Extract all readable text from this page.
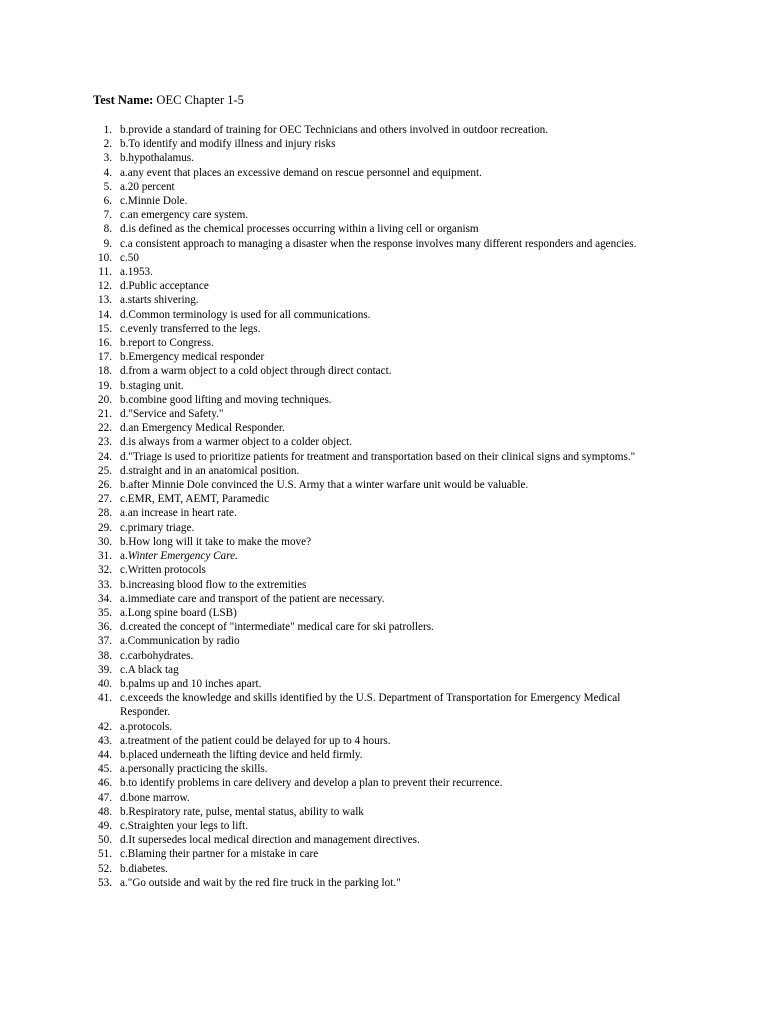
Test Name: OEC Chapter 1-5
1. b.provide a standard of training for OEC Technicians and others involved in outdoor recreation.
2. b.To identify and modify illness and injury risks
3. b.hypothalamus.
4. a.any event that places an excessive demand on rescue personnel and equipment.
5. a.20 percent
6. c.Minnie Dole.
7. c.an emergency care system.
8. d.is defined as the chemical processes occurring within a living cell or organism
9. c.a consistent approach to managing a disaster when the response involves many different responders and agencies.
10. c.50
11. a.1953.
12. d.Public acceptance
13. a.starts shivering.
14. d.Common terminology is used for all communications.
15. c.evenly transferred to the legs.
16. b.report to Congress.
17. b.Emergency medical responder
18. d.from a warm object to a cold object through direct contact.
19. b.staging unit.
20. b.combine good lifting and moving techniques.
21. d."Service and Safety."
22. d.an Emergency Medical Responder.
23. d.is always from a warmer object to a colder object.
24. d."Triage is used to prioritize patients for treatment and transportation based on their clinical signs and symptoms."
25. d.straight and in an anatomical position.
26. b.after Minnie Dole convinced the U.S. Army that a winter warfare unit would be valuable.
27. c.EMR, EMT, AEMT, Paramedic
28. a.an increase in heart rate.
29. c.primary triage.
30. b.How long will it take to make the move?
31. a.Winter Emergency Care.
32. c.Written protocols
33. b.increasing blood flow to the extremities
34. a.immediate care and transport of the patient are necessary.
35. a.Long spine board (LSB)
36. d.created the concept of "intermediate" medical care for ski patrollers.
37. a.Communication by radio
38. c.carbohydrates.
39. c.A black tag
40. b.palms up and 10 inches apart.
41. c.exceeds the knowledge and skills identified by the U.S. Department of Transportation for Emergency Medical Responder.
42. a.protocols.
43. a.treatment of the patient could be delayed for up to 4 hours.
44. b.placed underneath the lifting device and held firmly.
45. a.personally practicing the skills.
46. b.to identify problems in care delivery and develop a plan to prevent their recurrence.
47. d.bone marrow.
48. b.Respiratory rate, pulse, mental status, ability to walk
49. c.Straighten your legs to lift.
50. d.It supersedes local medical direction and management directives.
51. c.Blaming their partner for a mistake in care
52. b.diabetes.
53. a."Go outside and wait by the red fire truck in the parking lot."
